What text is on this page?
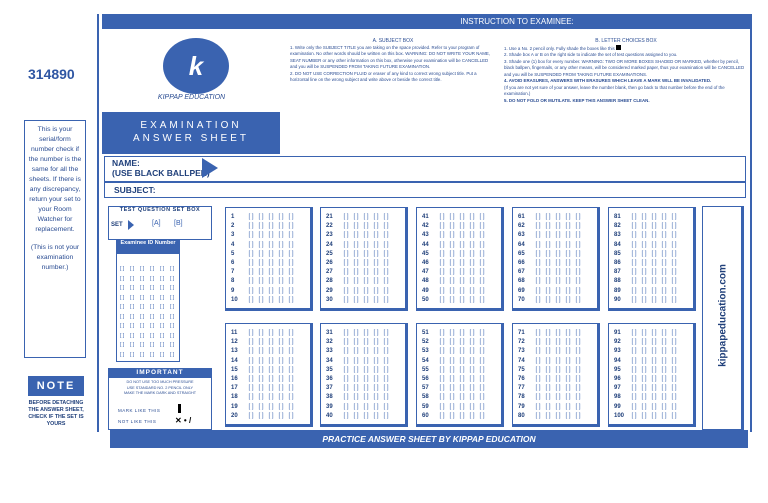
314890
This is your serial/form number check if the number is the same for all the sheets. If there is any discrepancy, return your set to your Room Watcher for replacement.
(This is not your examination number.)
NOTE
BEFORE DETACHING THE ANSWER SHEET, CHECK IF THE SET IS YOURS
INSTRUCTION TO EXAMINEE:
EXAMINATION
ANSWER SHEET
k
KIPPAP EDUCATION
A. SUBJECT BOX

1. Write only the SUBJECT TITLE you are taking on the space provided. Refer to your program of examination. No other words should be written on this box. WARNING: DO NOT WRITE YOUR NAME, SEAT NUMBER or any other information on this box, otherwise your examination will be CANCELLED and you will be SUSPENDED FROM TAKING FUTURE EXAMINATION.

2. DO NOT USE CORRECTION FLUID or eraser of any kind to correct wrong subject title. Put a horizontal line on the wrong subject and write above or beside the correct title.

B. LETTER CHOICES BOX

1. Use a No. 2 pencil only. Fully shade the boxes like this

2. Shade box A or B on the right side to indicate the set of test questions assigned to you.

3. Shade one (1) box for every number. WARNING: TWO OR MORE BOXES SHADED OR MARKED, whether by pencil, black ballpen, fingernails, or any other means, will be considered marked paper, thus your examination will be CANCELLED and you will be SUSPENDED FROM TAKING FUTURE EXAMINATIONS.

4. AVOID ERASURES, ANSWERS WITH ERASURES WHICH LEAVE A MARK WILL BE INVALIDATED.

(If you are not yet sure of your answer, leave the number blank, then go back to that number before the end of the examination.)

5. DO NOT FOLD OR MUTILATE. KEEP THIS ANSWER SHEET CLEAN.

NAME:
(USE BLACK BALLPEN)
SUBJECT:
TEST QUESTION SET BOX
SET	[A] [B]
Examinee ID Number
[ ]
[ ]
[ ]
[ ]
[ ]
[ ]
[ ]
[ ]
[ ]
[ ]
[ ]
[ ]
[ ]
[ ]
[ ]
[ ]
[ ]
[ ]
[ ]
[ ]
[ ]
[ ]
[ ]
[ ]
[ ]
[ ]
[ ]
[ ]
[ ]
[ ]
[ ]
[ ]
[ ]
[ ]
[ ]
[ ]
[ ]
[ ]
[ ]
[ ]
[ ]
[ ]
[ ]
[ ]
[ ]
[ ]
[ ]
[ ]
[ ]
[ ]
[ ]
[ ]
[ ]
[ ]
[ ]
[ ]
[ ]
[ ]
[ ]
[ ]
IMPORTANT
DO NOT USE TOO MUCH PRESSURE
USE STANDARD NO. 2 PENCIL ONLY
MAKE THE MARK DARK AND STRAIGHT
MARK LIKE THIS
NOT LIKE THIS ✕ • /
1 [ ] [ ] [ ] [ ] [ ]
2 [ ] [ ] [ ] [ ] [ ]
3 [ ] [ ] [ ] [ ] [ ]
4 [ ] [ ] [ ] [ ] [ ]
5 [ ] [ ] [ ] [ ] [ ]
6 [ ] [ ] [ ] [ ] [ ]
7 [ ] [ ] [ ] [ ] [ ]
8 [ ] [ ] [ ] [ ] [ ]
9 [ ] [ ] [ ] [ ] [ ]
10 [ ] [ ] [ ] [ ] [ ]
11 [ ] [ ] [ ] [ ] [ ]
12 [ ] [ ] [ ] [ ] [ ]
13 [ ] [ ] [ ] [ ] [ ]
14 [ ] [ ] [ ] [ ] [ ]
15 [ ] [ ] [ ] [ ] [ ]
16 [ ] [ ] [ ] [ ] [ ]
17 [ ] [ ] [ ] [ ] [ ]
18 [ ] [ ] [ ] [ ] [ ]
19 [ ] [ ] [ ] [ ] [ ]
20 [ ] [ ] [ ] [ ] [ ]
21 [ ] [ ] [ ] [ ] [ ]
22 [ ] [ ] [ ] [ ] [ ]
23 [ ] [ ] [ ] [ ] [ ]
24 [ ] [ ] [ ] [ ] [ ]
25 [ ] [ ] [ ] [ ] [ ]
26 [ ] [ ] [ ] [ ] [ ]
27 [ ] [ ] [ ] [ ] [ ]
28 [ ] [ ] [ ] [ ] [ ]
29 [ ] [ ] [ ] [ ] [ ]
30 [ ] [ ] [ ] [ ] [ ]
31 [ ] [ ] [ ] [ ] [ ]
32 [ ] [ ] [ ] [ ] [ ]
33 [ ] [ ] [ ] [ ] [ ]
34 [ ] [ ] [ ] [ ] [ ]
35 [ ] [ ] [ ] [ ] [ ]
36 [ ] [ ] [ ] [ ] [ ]
37 [ ] [ ] [ ] [ ] [ ]
38 [ ] [ ] [ ] [ ] [ ]
39 [ ] [ ] [ ] [ ] [ ]
40 [ ] [ ] [ ] [ ] [ ]
41 [ ] [ ] [ ] [ ] [ ]
42 [ ] [ ] [ ] [ ] [ ]
43 [ ] [ ] [ ] [ ] [ ]
44 [ ] [ ] [ ] [ ] [ ]
45 [ ] [ ] [ ] [ ] [ ]
46 [ ] [ ] [ ] [ ] [ ]
47 [ ] [ ] [ ] [ ] [ ]
48 [ ] [ ] [ ] [ ] [ ]
49 [ ] [ ] [ ] [ ] [ ]
50 [ ] [ ] [ ] [ ] [ ]
51 [ ] [ ] [ ] [ ] [ ]
52 [ ] [ ] [ ] [ ] [ ]
53 [ ] [ ] [ ] [ ] [ ]
54 [ ] [ ] [ ] [ ] [ ]
55 [ ] [ ] [ ] [ ] [ ]
56 [ ] [ ] [ ] [ ] [ ]
57 [ ] [ ] [ ] [ ] [ ]
58 [ ] [ ] [ ] [ ] [ ]
59 [ ] [ ] [ ] [ ] [ ]
60 [ ] [ ] [ ] [ ] [ ]
61 [ ] [ ] [ ] [ ] [ ]
62 [ ] [ ] [ ] [ ] [ ]
63 [ ] [ ] [ ] [ ] [ ]
64 [ ] [ ] [ ] [ ] [ ]
65 [ ] [ ] [ ] [ ] [ ]
66 [ ] [ ] [ ] [ ] [ ]
67 [ ] [ ] [ ] [ ] [ ]
68 [ ] [ ] [ ] [ ] [ ]
69 [ ] [ ] [ ] [ ] [ ]
70 [ ] [ ] [ ] [ ] [ ]
71 [ ] [ ] [ ] [ ] [ ]
72 [ ] [ ] [ ] [ ] [ ]
73 [ ] [ ] [ ] [ ] [ ]
74 [ ] [ ] [ ] [ ] [ ]
75 [ ] [ ] [ ] [ ] [ ]
76 [ ] [ ] [ ] [ ] [ ]
77 [ ] [ ] [ ] [ ] [ ]
78 [ ] [ ] [ ] [ ] [ ]
79 [ ] [ ] [ ] [ ] [ ]
80 [ ] [ ] [ ] [ ] [ ]
81 [ ] [ ] [ ] [ ] [ ]
82 [ ] [ ] [ ] [ ] [ ]
83 [ ] [ ] [ ] [ ] [ ]
84 [ ] [ ] [ ] [ ] [ ]
85 [ ] [ ] [ ] [ ] [ ]
86 [ ] [ ] [ ] [ ] [ ]
87 [ ] [ ] [ ] [ ] [ ]
88 [ ] [ ] [ ] [ ] [ ]
89 [ ] [ ] [ ] [ ] [ ]
90 [ ] [ ] [ ] [ ] [ ]
91 [ ] [ ] [ ] [ ] [ ]
92 [ ] [ ] [ ] [ ] [ ]
93 [ ] [ ] [ ] [ ] [ ]
94 [ ] [ ] [ ] [ ] [ ]
95 [ ] [ ] [ ] [ ] [ ]
96 [ ] [ ] [ ] [ ] [ ]
97 [ ] [ ] [ ] [ ] [ ]
98 [ ] [ ] [ ] [ ] [ ]
99 [ ] [ ] [ ] [ ] [ ]
100 [ ] [ ] [ ] [ ] [ ]
kippapeducation.com
PRACTICE ANSWER SHEET BY KIPPAP EDUCATION
